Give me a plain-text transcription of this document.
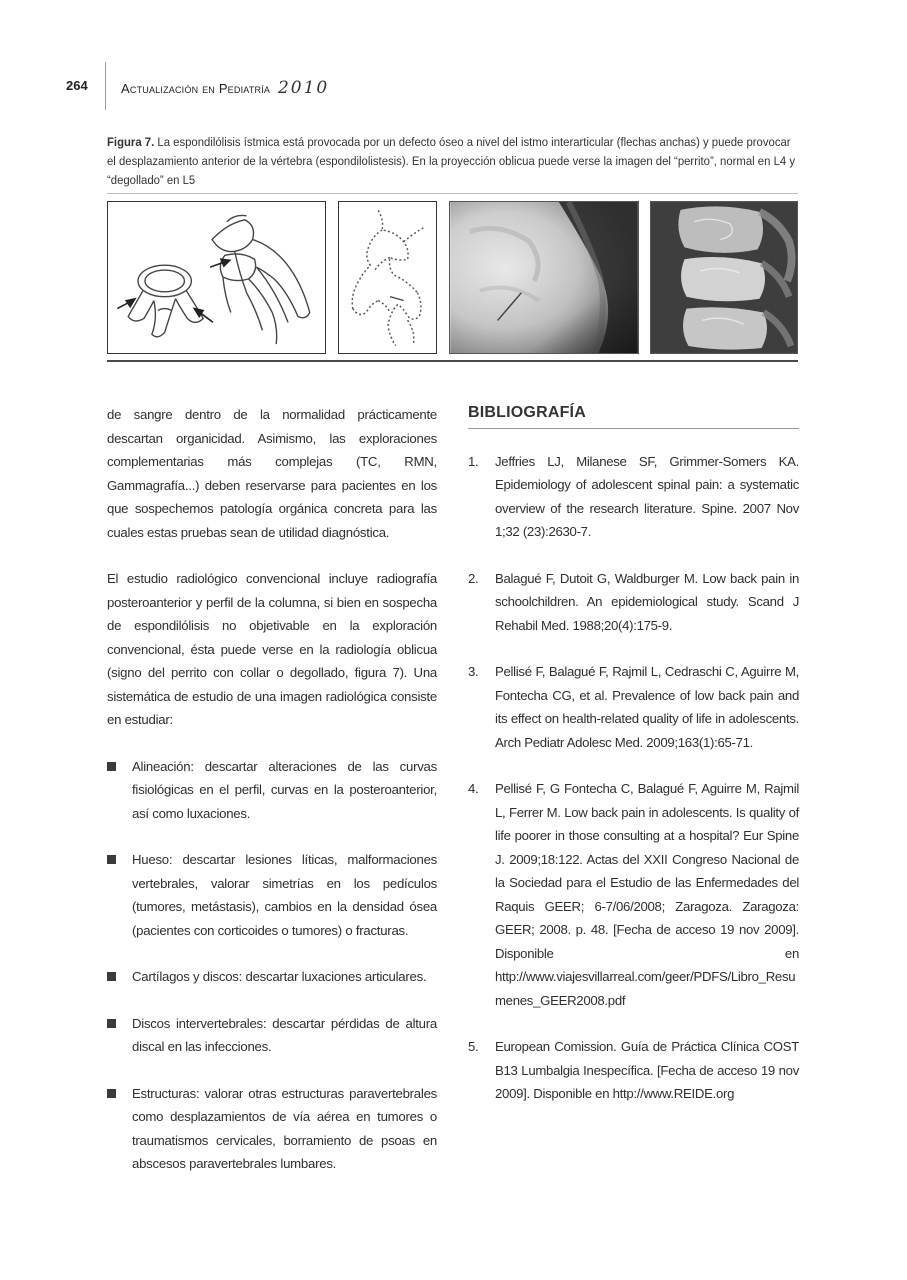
264	Actualización en Pediatría 2010
Figura 7. La espondilólisis ístmica está provocada por un defecto óseo a nivel del istmo interarticular (flechas anchas) y puede provocar el desplazamiento anterior de la vértebra (espondilolistesis). En la proyección oblicua puede verse la imagen del “perrito”, normal en L4 y “degollado” en L5

de sangre dentro de la normalidad prácticamente descartan organicidad. Asimismo, las exploraciones complementarias más complejas (TC, RMN, Gammagrafía...) deben reservarse para pacientes en los que sospechemos patología orgánica concreta para las cuales estas pruebas sean de utilidad diagnóstica.

El estudio radiológico convencional incluye radiografía posteroanterior y perfil de la columna, si bien en sospecha de espondilólisis no objetivable en la exploración convencional, ésta puede verse en la radiología oblicua (signo del perrito con collar o degollado, figura 7). Una sistemática de estudio de una imagen radiológica consiste en estudiar:

Alineación: descartar alteraciones de las curvas fisiológicas en el perfil, curvas en la posteroanterior, así como luxaciones.
Hueso: descartar lesiones líticas, malformaciones vertebrales, valorar simetrías en los pedículos (tumores, metástasis), cambios en la densidad ósea (pacientes con corticoides o tumores) o fracturas.
Cartílagos y discos: descartar luxaciones articulares.
Discos intervertebrales: descartar pérdidas de altura discal en las infecciones.
Estructuras: valorar otras estructuras paravertebrales como desplazamientos de vía aérea en tumores o traumatismos cervicales, borramiento de psoas en abscesos paravertebrales lumbares.
BIBLIOGRAFÍA
1. Jeffries LJ, Milanese SF, Grimmer-Somers KA. Epidemiology of adolescent spinal pain: a systematic overview of the research literature. Spine. 2007 Nov 1;32 (23):2630-7.
2. Balagué F, Dutoit G, Waldburger M. Low back pain in schoolchildren. An epidemiological study. Scand J Rehabil Med. 1988;20(4):175-9.
3. Pellisé F, Balagué F, Rajmil L, Cedraschi C, Aguirre M, Fontecha CG, et al. Prevalence of low back pain and its effect on health-related quality of life in adolescents. Arch Pediatr Adolesc Med. 2009;163(1):65-71.
4. Pellisé F, G Fontecha C, Balagué F, Aguirre M, Rajmil L, Ferrer M. Low back pain in adolescents. Is quality of life poorer in those consulting at a hospital? Eur Spine J. 2009;18:122. Actas del XXII Congreso Nacional de la Sociedad para el Estudio de las Enfermedades del Raquis GEER; 6-7/06/2008; Zaragoza. Zaragoza: GEER; 2008. p. 48. [Fecha de acceso 19 nov 2009]. Disponible en http://www.viajesvillarreal.com/geer/PDFS/Libro_Resumenes_GEER2008.pdf
5. European Comission. Guía de Práctica Clínica COST B13 Lumbalgia Inespecífica. [Fecha de acceso 19 nov 2009]. Disponible en http://www.REIDE.org
